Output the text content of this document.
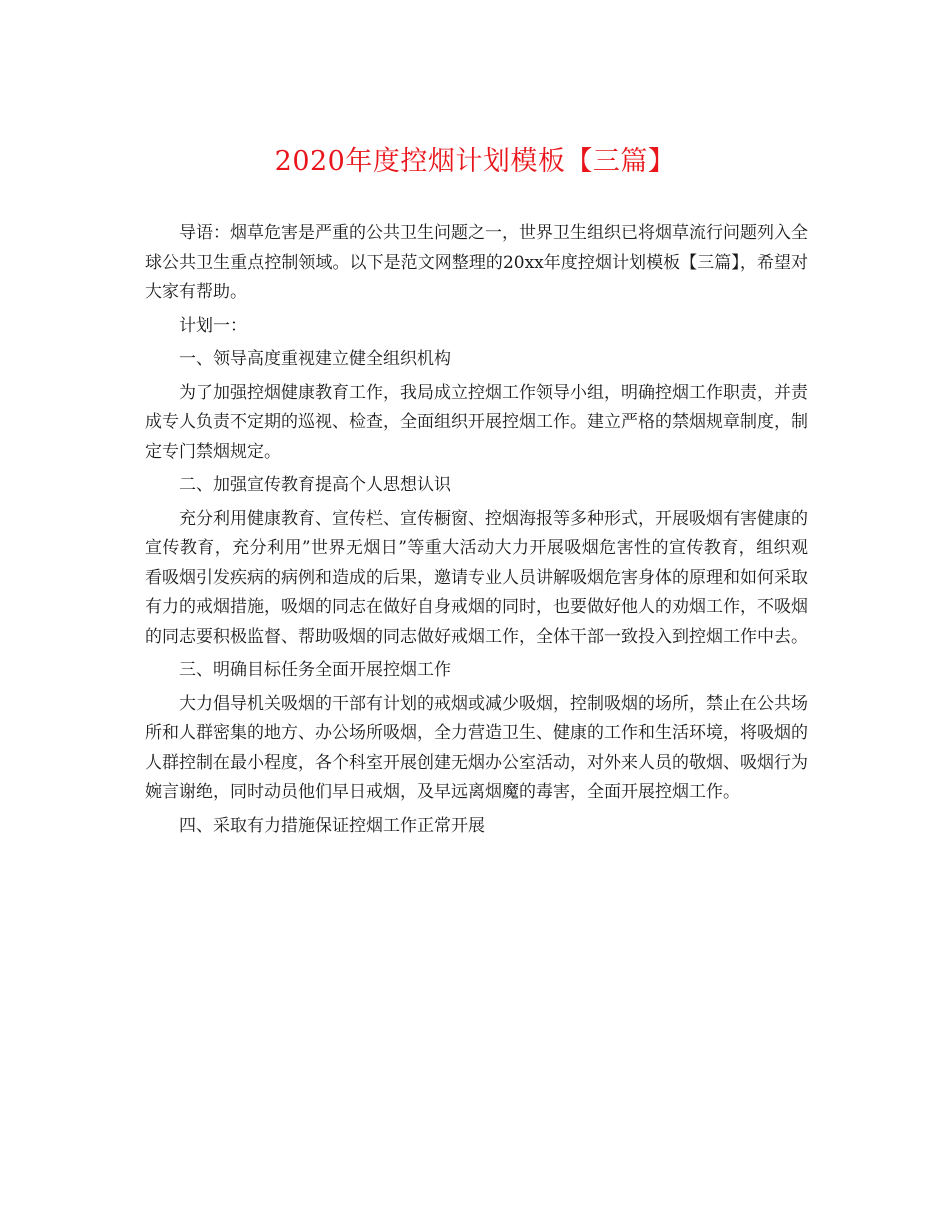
2020年度控烟计划模板【三篇】

导语：烟草危害是严重的公共卫生问题之一，世界卫生组织已将烟草流行问题列入全球公共卫生重点控制领域。以下是范文网整理的20xx年度控烟计划模板【三篇】，希望对大家有帮助。

计划一：

一、领导高度重视建立健全组织机构

为了加强控烟健康教育工作，我局成立控烟工作领导小组，明确控烟工作职责，并责成专人负责不定期的巡视、检查，全面组织开展控烟工作。建立严格的禁烟规章制度，制定专门禁烟规定。

二、加强宣传教育提高个人思想认识

充分利用健康教育、宣传栏、宣传橱窗、控烟海报等多种形式，开展吸烟有害健康的宣传教育，充分利用”世界无烟日”等重大活动大力开展吸烟危害性的宣传教育，组织观看吸烟引发疾病的病例和造成的后果，邀请专业人员讲解吸烟危害身体的原理和如何采取有力的戒烟措施，吸烟的同志在做好自身戒烟的同时，也要做好他人的劝烟工作，不吸烟的同志要积极监督、帮助吸烟的同志做好戒烟工作，全体干部一致投入到控烟工作中去。

三、明确目标任务全面开展控烟工作

大力倡导机关吸烟的干部有计划的戒烟或减少吸烟，控制吸烟的场所，禁止在公共场所和人群密集的地方、办公场所吸烟，全力营造卫生、健康的工作和生活环境，将吸烟的人群控制在最小程度，各个科室开展创建无烟办公室活动，对外来人员的敬烟、吸烟行为婉言谢绝，同时动员他们早日戒烟，及早远离烟魔的毒害，全面开展控烟工作。

四、采取有力措施保证控烟工作正常开展
